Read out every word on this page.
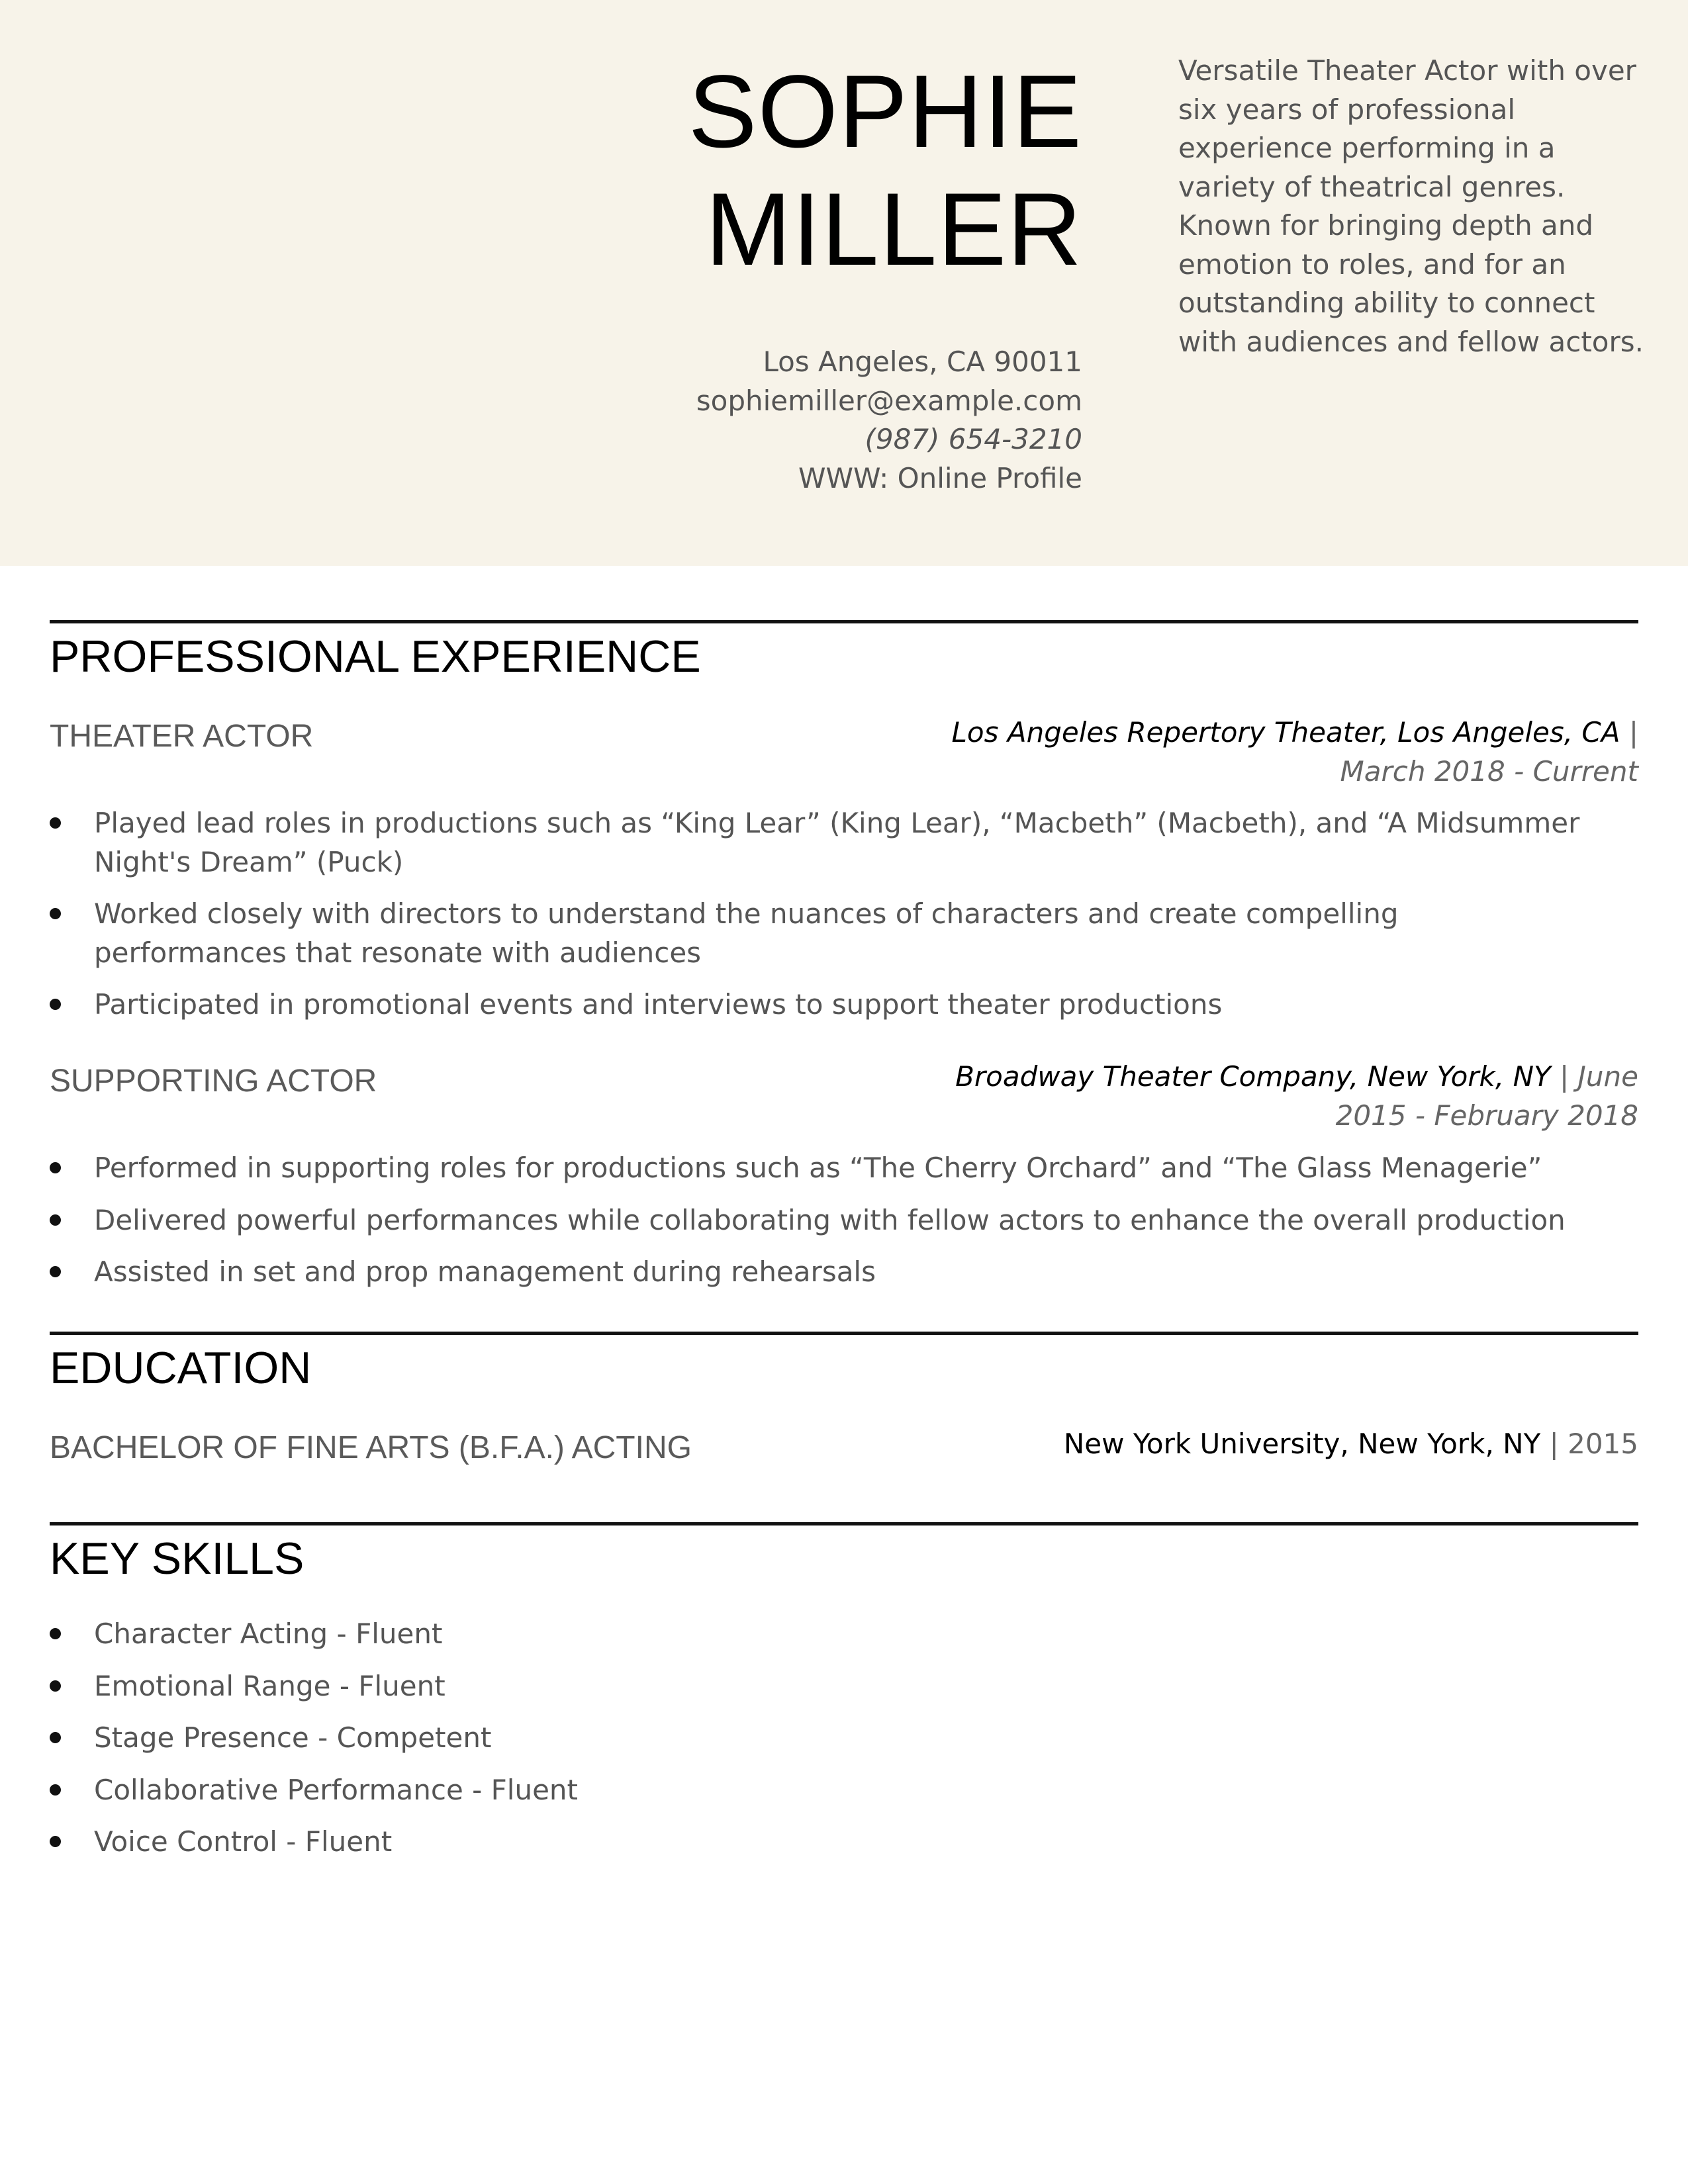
SOPHIE
MILLER
Los Angeles, CA 90011
sophiemiller@example.com
(987) 654-3210
WWW: Online Profile
Versatile Theater Actor with over six years of professional experience performing in a variety of theatrical genres. Known for bringing depth and emotion to roles, and for an outstanding ability to connect with audiences and fellow actors.
PROFESSIONAL EXPERIENCE
THEATER ACTOR	Los Angeles Repertory Theater, Los Angeles, CA |
March 2018 - Current
Played lead roles in productions such as “King Lear” (King Lear), “Macbeth” (Macbeth), and “A Midsummer Night's Dream” (Puck)
Worked closely with directors to understand the nuances of characters and create compelling performances that resonate with audiences
Participated in promotional events and interviews to support theater productions
SUPPORTING ACTOR	Broadway Theater Company, New York, NY | June 2015 - February 2018
Performed in supporting roles for productions such as “The Cherry Orchard” and “The Glass Menagerie”
Delivered powerful performances while collaborating with fellow actors to enhance the overall production
Assisted in set and prop management during rehearsals
EDUCATION
BACHELOR OF FINE ARTS (B.F.A.) ACTING	New York University, New York, NY | 2015
KEY SKILLS
Character Acting - Fluent
Emotional Range - Fluent
Stage Presence - Competent
Collaborative Performance - Fluent
Voice Control - Fluent
